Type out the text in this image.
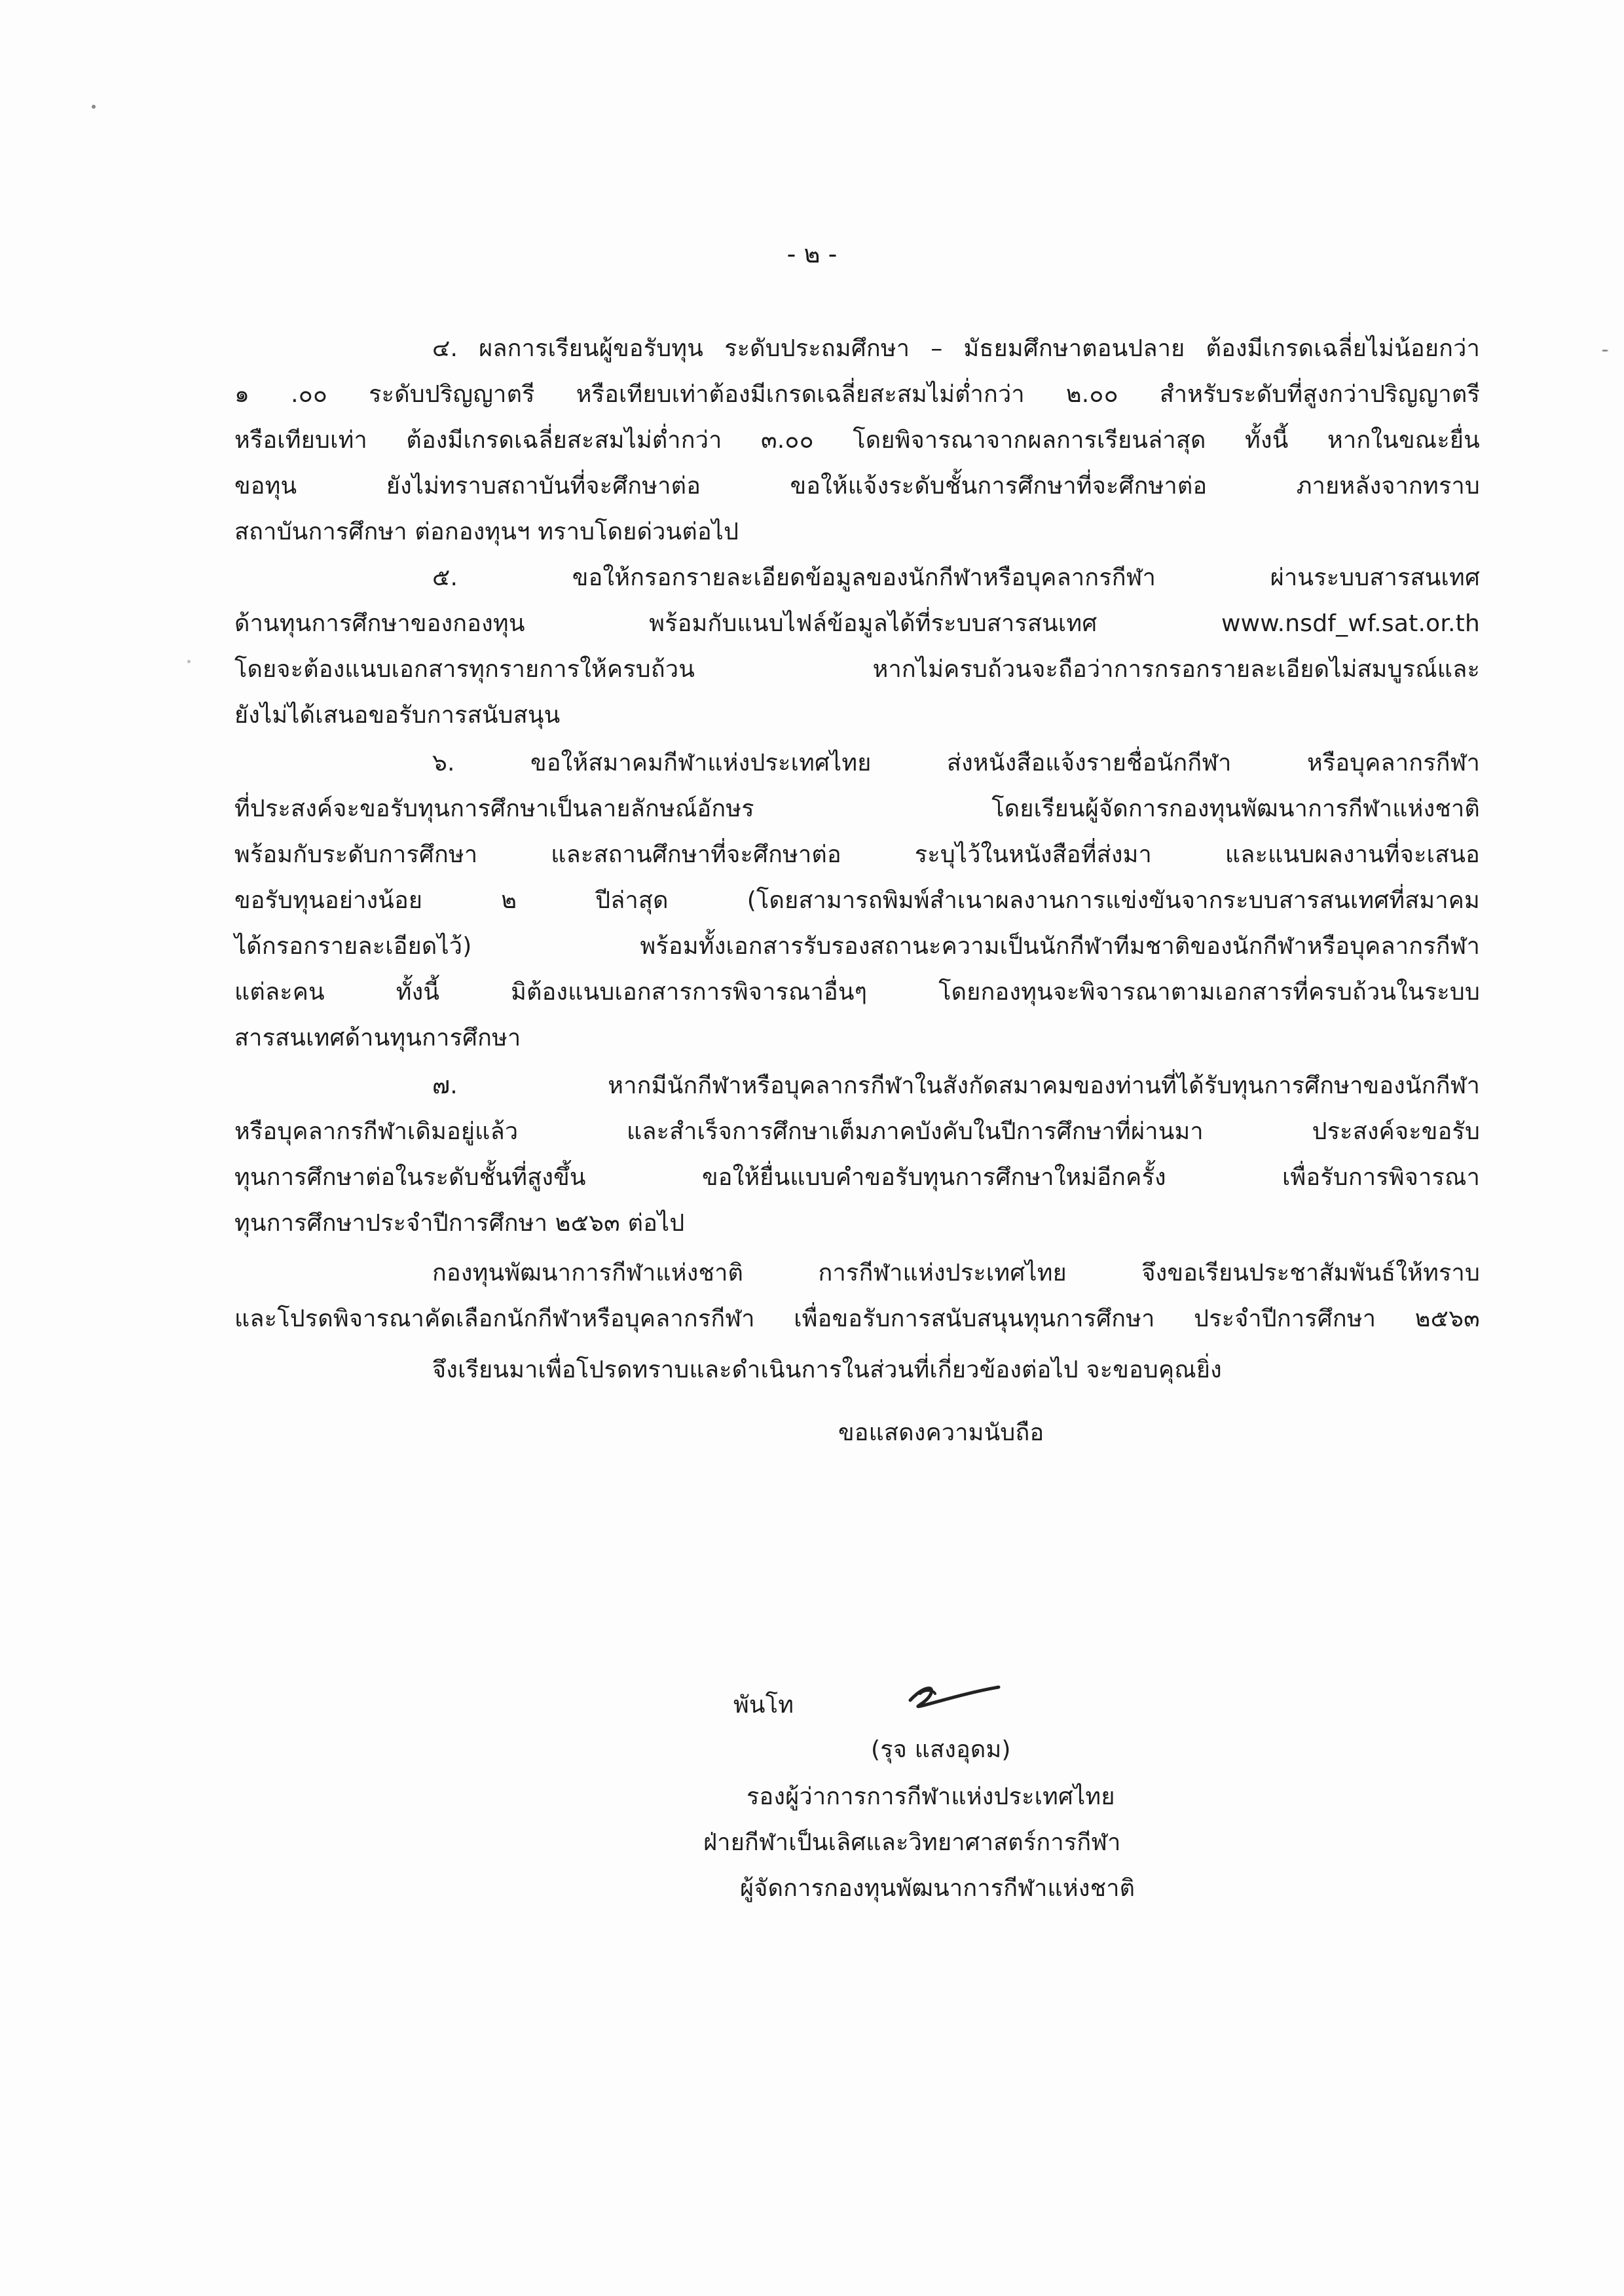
- ๒ -
๔. ผลการเรียนผู้ขอรับทุน ระดับประถมศึกษา – มัธยมศึกษาตอนปลาย ต้องมีเกรดเฉลี่ยไม่น้อยกว่า
๑ .๐๐ ระดับปริญญาตรี หรือเทียบเท่าต้องมีเกรดเฉลี่ยสะสมไม่ต่ำกว่า ๒.๐๐ สำหรับระดับที่สูงกว่าปริญญาตรี
หรือเทียบเท่า ต้องมีเกรดเฉลี่ยสะสมไม่ต่ำกว่า ๓.๐๐ โดยพิจารณาจากผลการเรียนล่าสุด ทั้งนี้ หากในขณะยื่น
ขอทุน ยังไม่ทราบสถาบันที่จะศึกษาต่อ ขอให้แจ้งระดับชั้นการศึกษาที่จะศึกษาต่อ ภายหลังจากทราบ
สถาบันการศึกษา ต่อกองทุนฯ ทราบโดยด่วนต่อไป
๕. ขอให้กรอกรายละเอียดข้อมูลของนักกีฬาหรือบุคลากรกีฬา ผ่านระบบสารสนเทศ
ด้านทุนการศึกษาของกองทุน พร้อมกับแนบไฟล์ข้อมูลได้ที่ระบบสารสนเทศ www.nsdf_wf.sat.or.th
โดยจะต้องแนบเอกสารทุกรายการให้ครบถ้วน หากไม่ครบถ้วนจะถือว่าการกรอกรายละเอียดไม่สมบูรณ์และ
ยังไม่ได้เสนอขอรับการสนับสนุน
๖. ขอให้สมาคมกีฬาแห่งประเทศไทย ส่งหนังสือแจ้งรายชื่อนักกีฬา หรือบุคลากรกีฬา
ที่ประสงค์จะขอรับทุนการศึกษาเป็นลายลักษณ์อักษร โดยเรียนผู้จัดการกองทุนพัฒนาการกีฬาแห่งชาติ
พร้อมกับระดับการศึกษา และสถานศึกษาที่จะศึกษาต่อ ระบุไว้ในหนังสือที่ส่งมา และแนบผลงานที่จะเสนอ
ขอรับทุนอย่างน้อย ๒ ปีล่าสุด (โดยสามารถพิมพ์สำเนาผลงานการแข่งขันจากระบบสารสนเทศที่สมาคม
ได้กรอกรายละเอียดไว้) พร้อมทั้งเอกสารรับรองสถานะความเป็นนักกีฬาทีมชาติของนักกีฬาหรือบุคลากรกีฬา
แต่ละคน ทั้งนี้ มิต้องแนบเอกสารการพิจารณาอื่นๆ โดยกองทุนจะพิจารณาตามเอกสารที่ครบถ้วนในระบบ
สารสนเทศด้านทุนการศึกษา
๗. หากมีนักกีฬาหรือบุคลากรกีฬาในสังกัดสมาคมของท่านที่ได้รับทุนการศึกษาของนักกีฬา
หรือบุคลากรกีฬาเดิมอยู่แล้ว และสำเร็จการศึกษาเต็มภาคบังคับในปีการศึกษาที่ผ่านมา ประสงค์จะขอรับ
ทุนการศึกษาต่อในระดับชั้นที่สูงขึ้น ขอให้ยื่นแบบคำขอรับทุนการศึกษาใหม่อีกครั้ง เพื่อรับการพิจารณา
ทุนการศึกษาประจำปีการศึกษา ๒๕๖๓ ต่อไป
กองทุนพัฒนาการกีฬาแห่งชาติ การกีฬาแห่งประเทศไทย จึงขอเรียนประชาสัมพันธ์ให้ทราบ
และโปรดพิจารณาคัดเลือกนักกีฬาหรือบุคลากรกีฬา เพื่อขอรับการสนับสนุนทุนการศึกษา ประจำปีการศึกษา ๒๕๖๓
จึงเรียนมาเพื่อโปรดทราบและดำเนินการในส่วนที่เกี่ยวข้องต่อไป จะขอบคุณยิ่ง
ขอแสดงความนับถือ
พันโท
(รุจ แสงอุดม)
รองผู้ว่าการการกีฬาแห่งประเทศไทย
ฝ่ายกีฬาเป็นเลิศและวิทยาศาสตร์การกีฬา
ผู้จัดการกองทุนพัฒนาการกีฬาแห่งชาติ
